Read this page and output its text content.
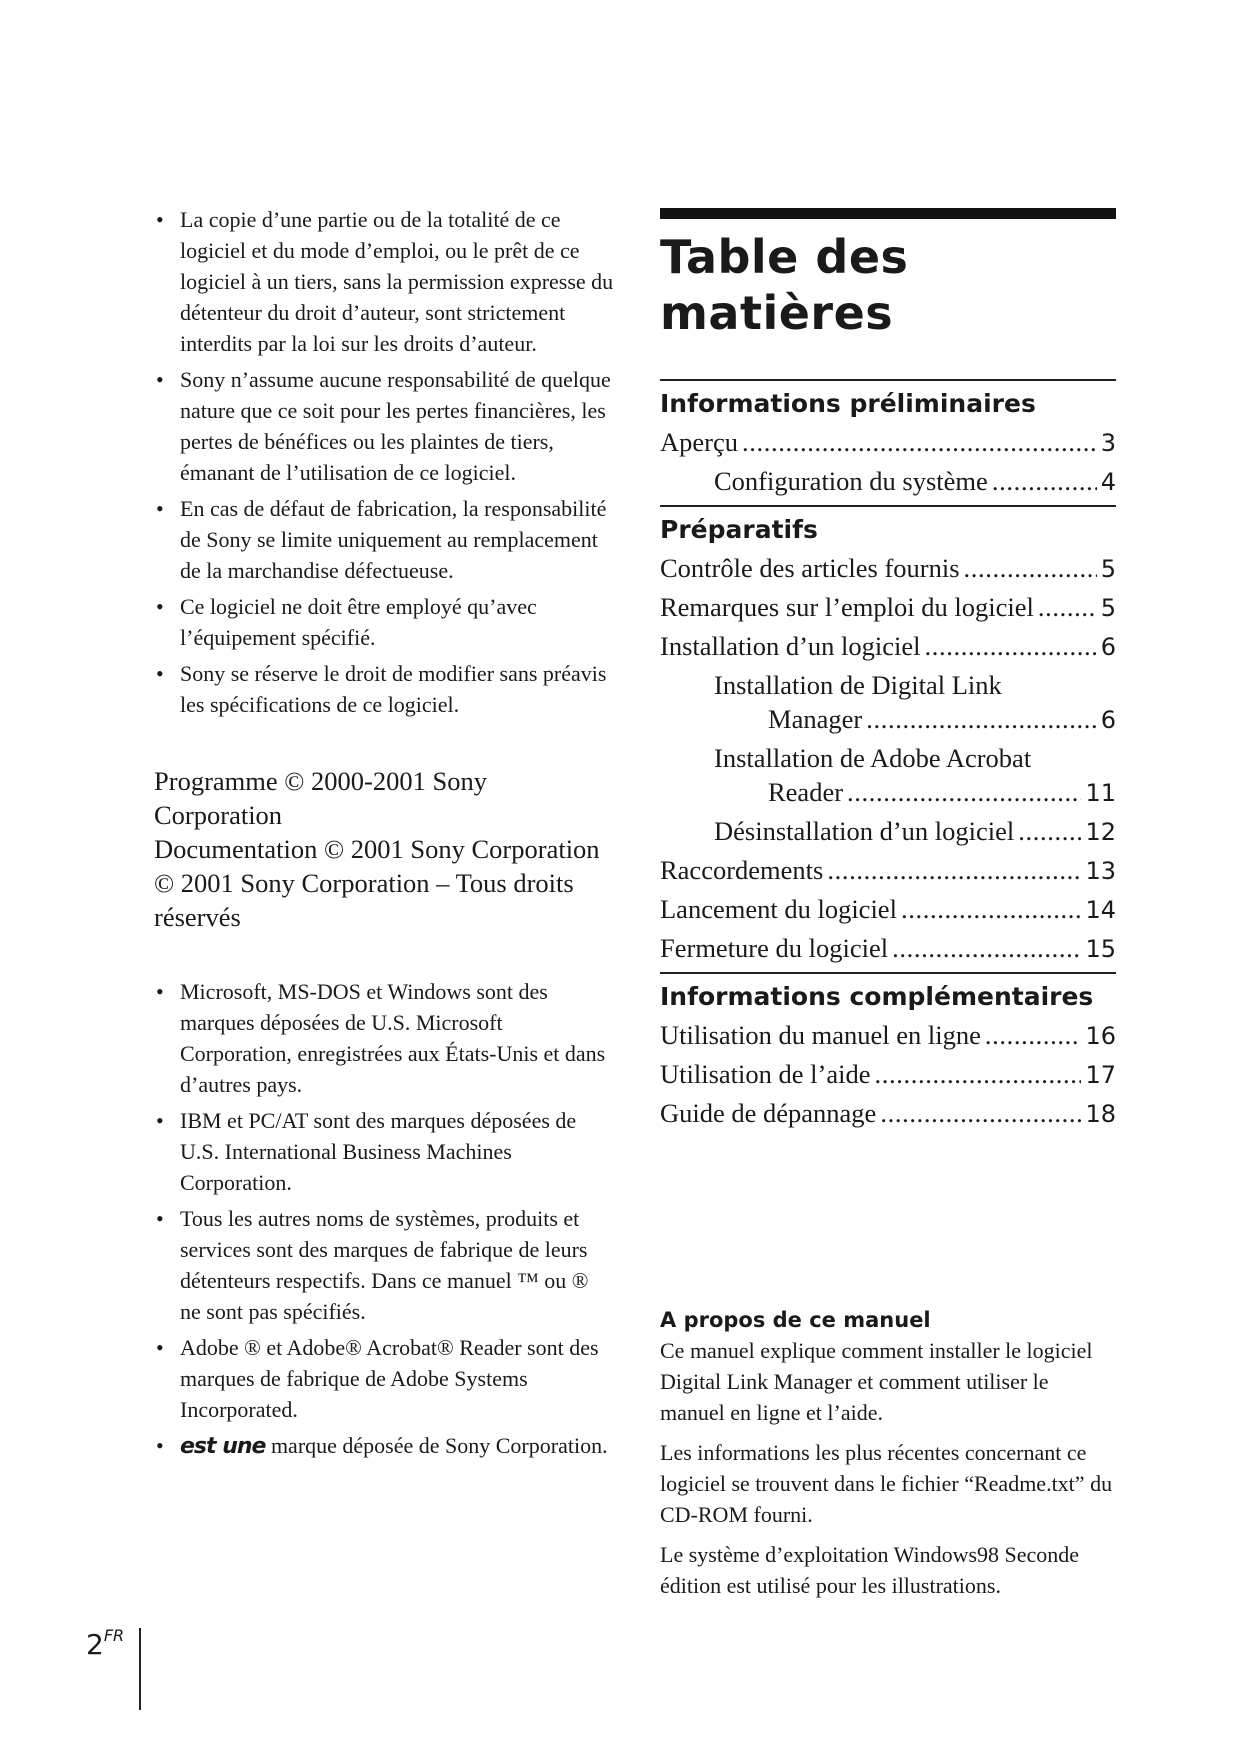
• La copie d’une partie ou de la totalité de ce logiciel et du mode d’emploi, ou le prêt de ce logiciel à un tiers, sans la permission expresse du détenteur du droit d’auteur, sont strictement interdits par la loi sur les droits d’auteur.
• Sony n’assume aucune responsabilité de quelque nature que ce soit pour les pertes financières, les pertes de bénéfices ou les plaintes de tiers, émanant de l’utilisation de ce logiciel.
• En cas de défaut de fabrication, la responsabilité de Sony se limite uniquement au remplacement de la marchandise défectueuse.
• Ce logiciel ne doit être employé qu’avec l’équipement spécifié.
• Sony se réserve le droit de modifier sans préavis les spécifications de ce logiciel.
Programme © 2000-2001 Sony Corporation
Documentation © 2001 Sony Corporation
© 2001 Sony Corporation – Tous droits réservés
• Microsoft, MS-DOS et Windows sont des marques déposées de U.S. Microsoft Corporation, enregistrées aux États-Unis et dans d’autres pays.
• IBM et PC/AT sont des marques déposées de U.S. International Business Machines Corporation.
• Tous les autres noms de systèmes, produits et services sont des marques de fabrique de leurs détenteurs respectifs. Dans ce manuel ™ ou ® ne sont pas spécifiés.
• Adobe ® et Adobe® Acrobat® Reader sont des marques de fabrique de Adobe Systems Incorporated.
• est une marque déposée de Sony Corporation.
Table des matières
Informations préliminaires
Aperçu . . .	3
Configuration du système . . .	4
Préparatifs
Contrôle des articles fournis . . .	5
Remarques sur l’emploi du logiciel . . .	5
Installation d’un logiciel . . .	6
Installation de Digital Link
Manager . . .	6
Installation de Adobe Acrobat
Reader . . .	11
Désinstallation d’un logiciel . . .	12
Raccordements . . .	13
Lancement du logiciel . . .	14
Fermeture du logiciel . . .	15
Informations complémentaires
Utilisation du manuel en ligne . . .	16
Utilisation de l’aide . . .	17
Guide de dépannage . . .	18
A propos de ce manuel

Ce manuel explique comment installer le logiciel Digital Link Manager et comment utiliser le manuel en ligne et l’aide.

Les informations les plus récentes concernant ce logiciel se trouvent dans le fichier “Readme.txt” du CD-ROM fourni.

Le système d’exploitation Windows98 Seconde édition est utilisé pour les illustrations.

2FR
